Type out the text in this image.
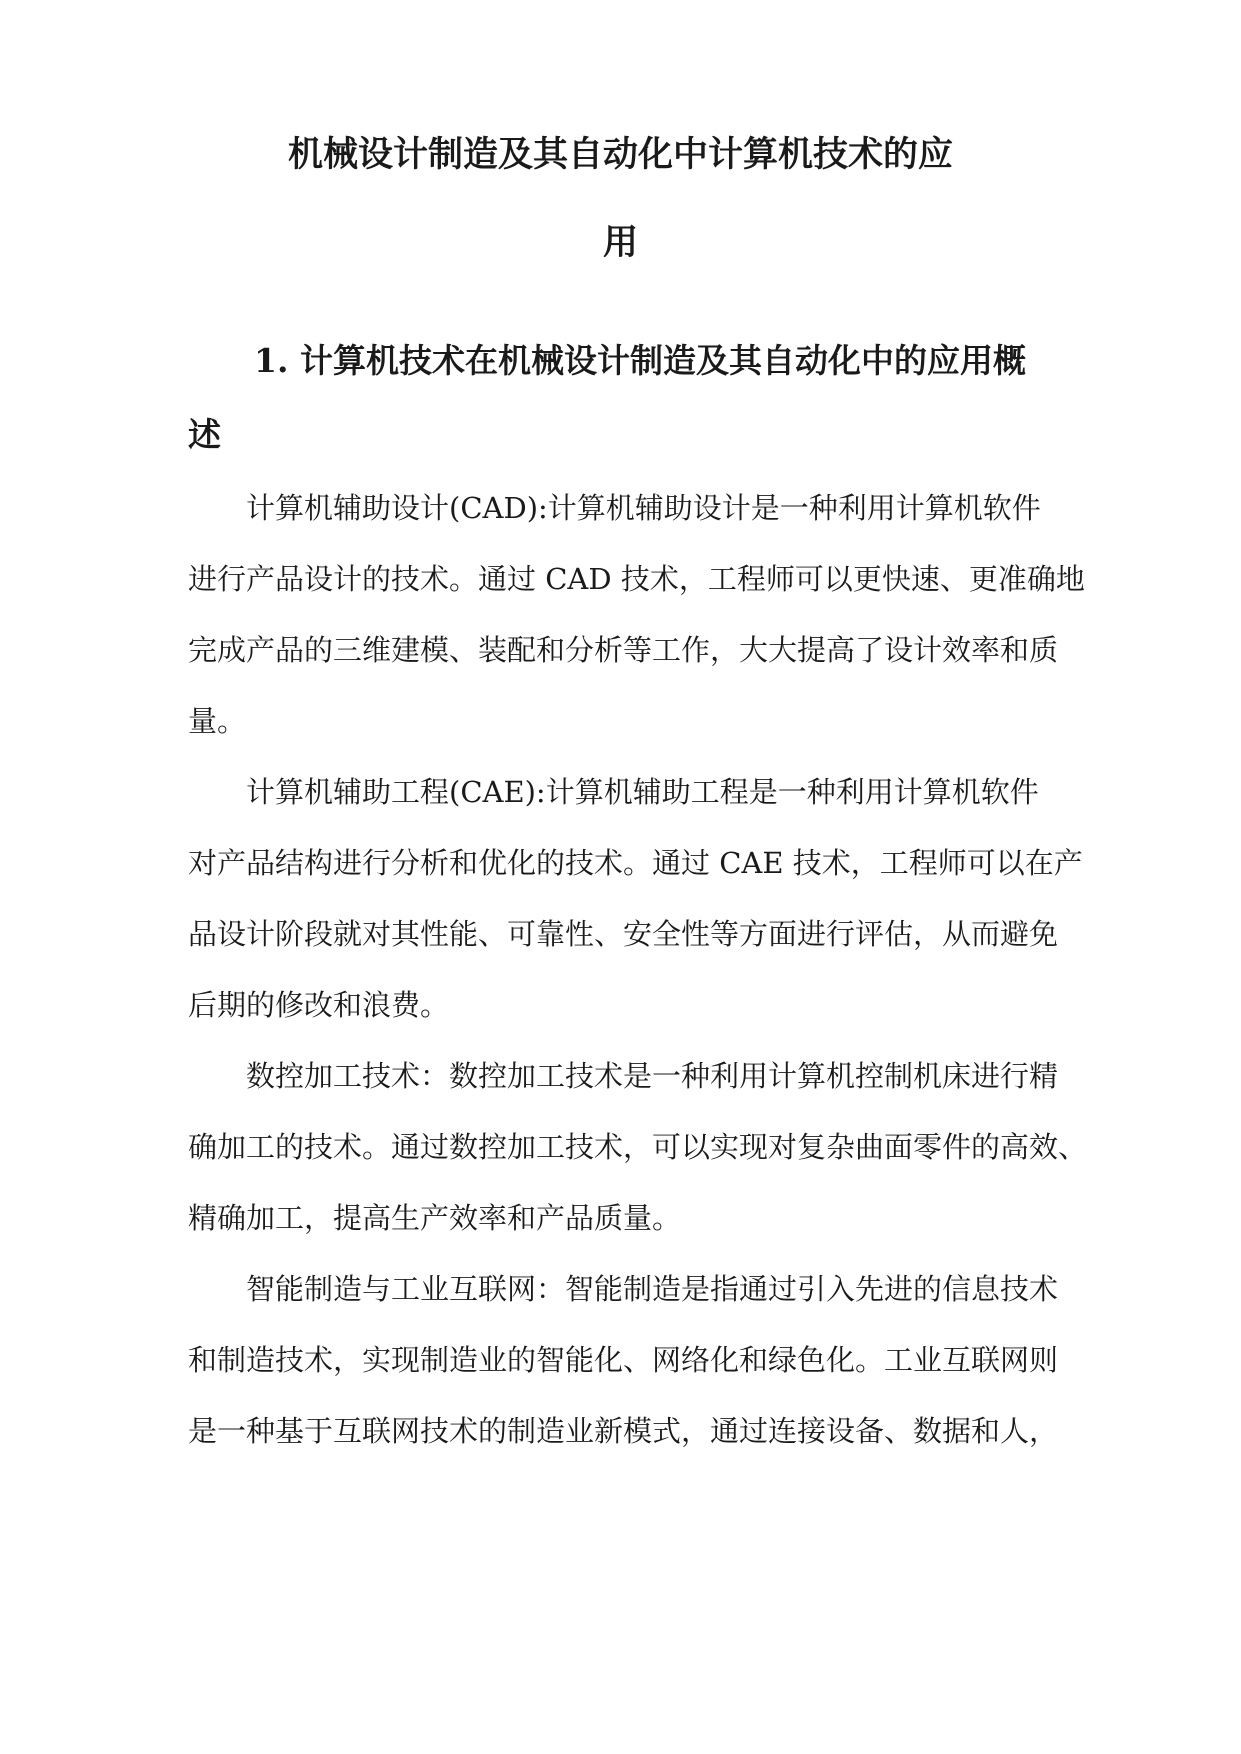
机械设计制造及其自动化中计算机技术的应
用
1. 计算机技术在机械设计制造及其自动化中的应用概
述
计算机辅助设计(CAD):计算机辅助设计是一种利用计算机软件
进行产品设计的技术。通过 CAD 技术，工程师可以更快速、更准确地
完成产品的三维建模、装配和分析等工作，大大提高了设计效率和质
量。
计算机辅助工程(CAE):计算机辅助工程是一种利用计算机软件
对产品结构进行分析和优化的技术。通过 CAE 技术，工程师可以在产
品设计阶段就对其性能、可靠性、安全性等方面进行评估，从而避免
后期的修改和浪费。
数控加工技术：数控加工技术是一种利用计算机控制机床进行精
确加工的技术。通过数控加工技术，可以实现对复杂曲面零件的高效、
精确加工，提高生产效率和产品质量。
智能制造与工业互联网：智能制造是指通过引入先进的信息技术
和制造技术，实现制造业的智能化、网络化和绿色化。工业互联网则
是一种基于互联网技术的制造业新模式，通过连接设备、数据和人，
